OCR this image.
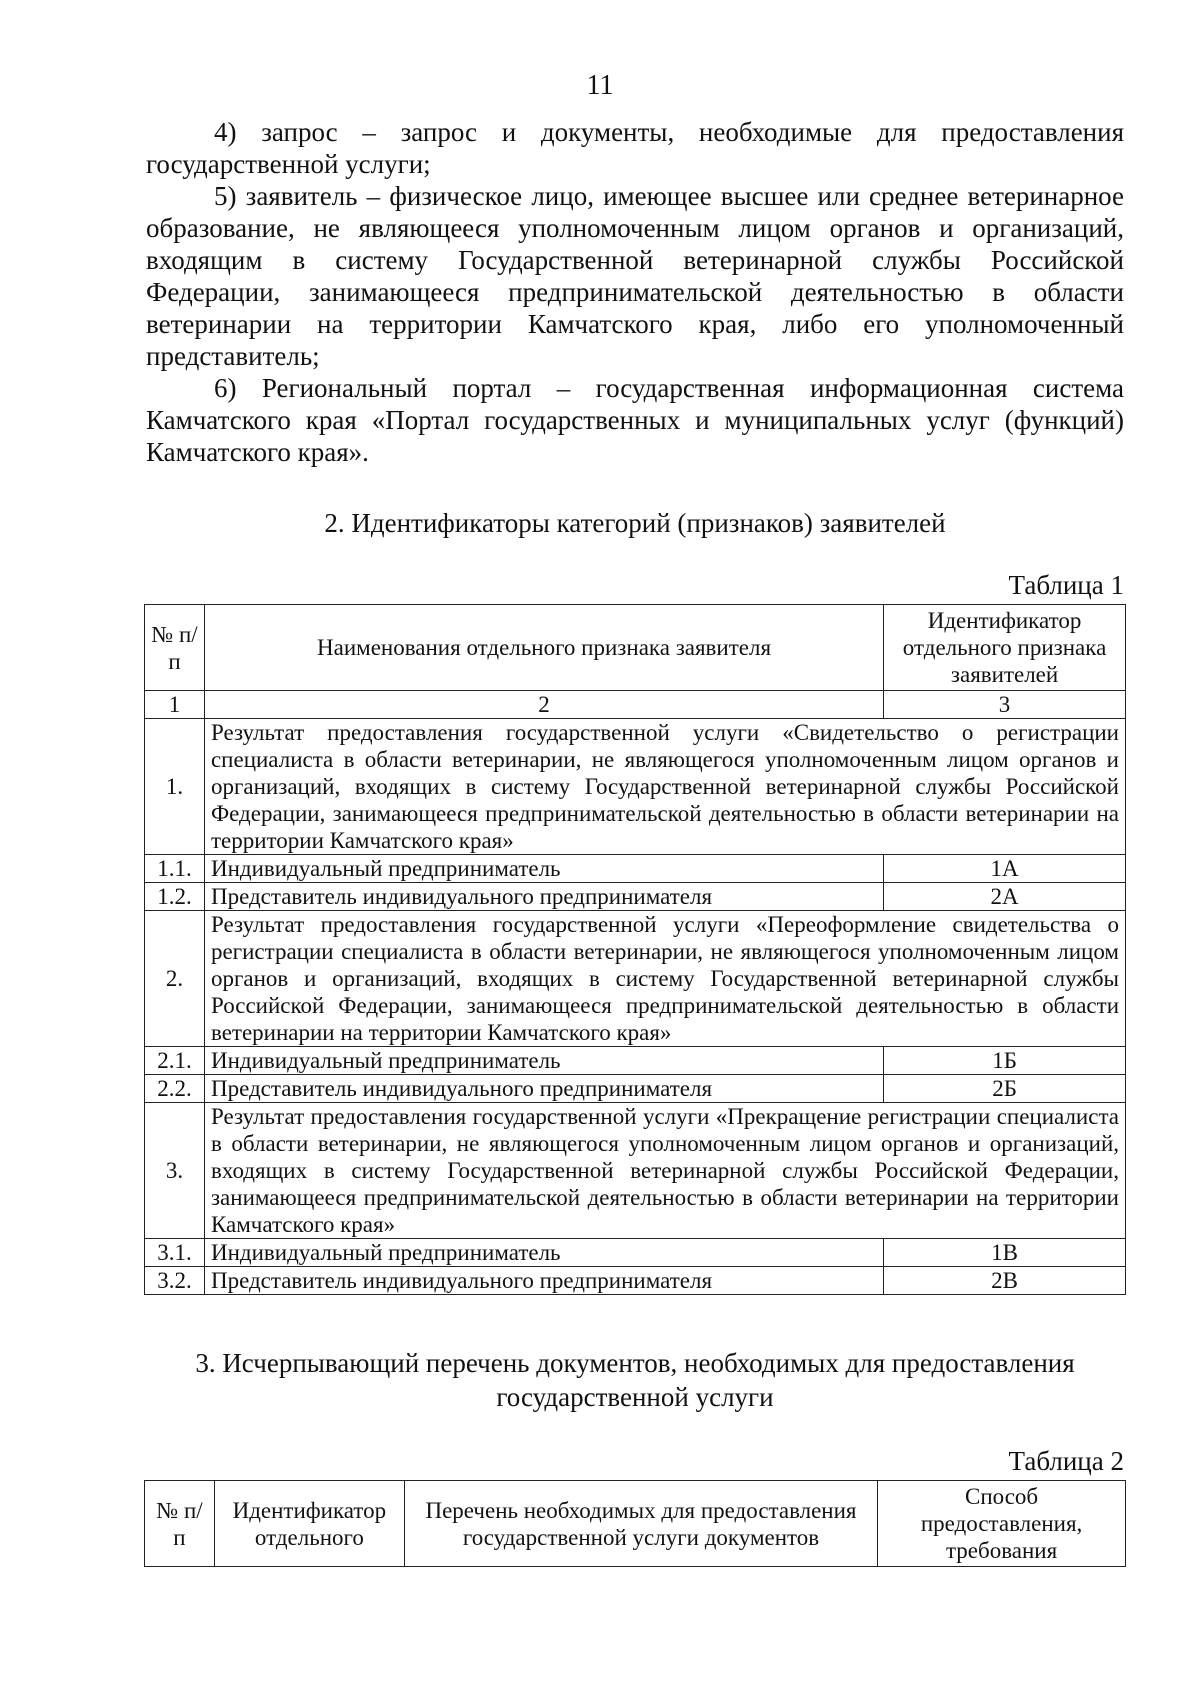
11
4) запрос – запрос и документы, необходимые для предоставления государственной услуги;
5) заявитель – физическое лицо, имеющее высшее или среднее ветеринарное образование, не являющееся уполномоченным лицом органов и организаций, входящим в систему Государственной ветеринарной службы Российской Федерации, занимающееся предпринимательской деятельностью в области ветеринарии на территории Камчатского края, либо его уполномоченный представитель;
6) Региональный портал – государственная информационная система Камчатского края «Портал государственных и муниципальных услуг (функций) Камчатского края».
2. Идентификаторы категорий (признаков) заявителей
Таблица 1
№ п/п	Наименования отдельного признака заявителя	Идентификатор отдельного признака заявителей
1	2	3
1.	Результат предоставления государственной услуги «Свидетельство о регистрации специалиста в области ветеринарии, не являющегося уполномоченным лицом органов и организаций, входящих в систему Государственной ветеринарной службы Российской Федерации, занимающееся предпринимательской деятельностью в области ветеринарии на территории Камчатского края»	
1.1.	Индивидуальный предприниматель	1А
1.2.	Представитель индивидуального предпринимателя	2А
2.	Результат предоставления государственной услуги «Переоформление свидетельства о регистрации специалиста в области ветеринарии, не являющегося уполномоченным лицом органов и организаций, входящих в систему Государственной ветеринарной службы Российской Федерации, занимающееся предпринимательской деятельностью в области ветеринарии на территории Камчатского края»	
2.1.	Индивидуальный предприниматель	1Б
2.2.	Представитель индивидуального предпринимателя	2Б
3.	Результат предоставления государственной услуги «Прекращение регистрации специалиста в области ветеринарии, не являющегося уполномоченным лицом органов и организаций, входящих в систему Государственной ветеринарной службы Российской Федерации, занимающееся предпринимательской деятельностью в области ветеринарии на территории Камчатского края»	
3.1.	Индивидуальный предприниматель	1В
3.2.	Представитель индивидуального предпринимателя	2В
3. Исчерпывающий перечень документов, необходимых для предоставления государственной услуги
Таблица 2
№ п/п	Идентификатор отдельного	Перечень необходимых для предоставления государственной услуги документов	Способ предоставления, требования
